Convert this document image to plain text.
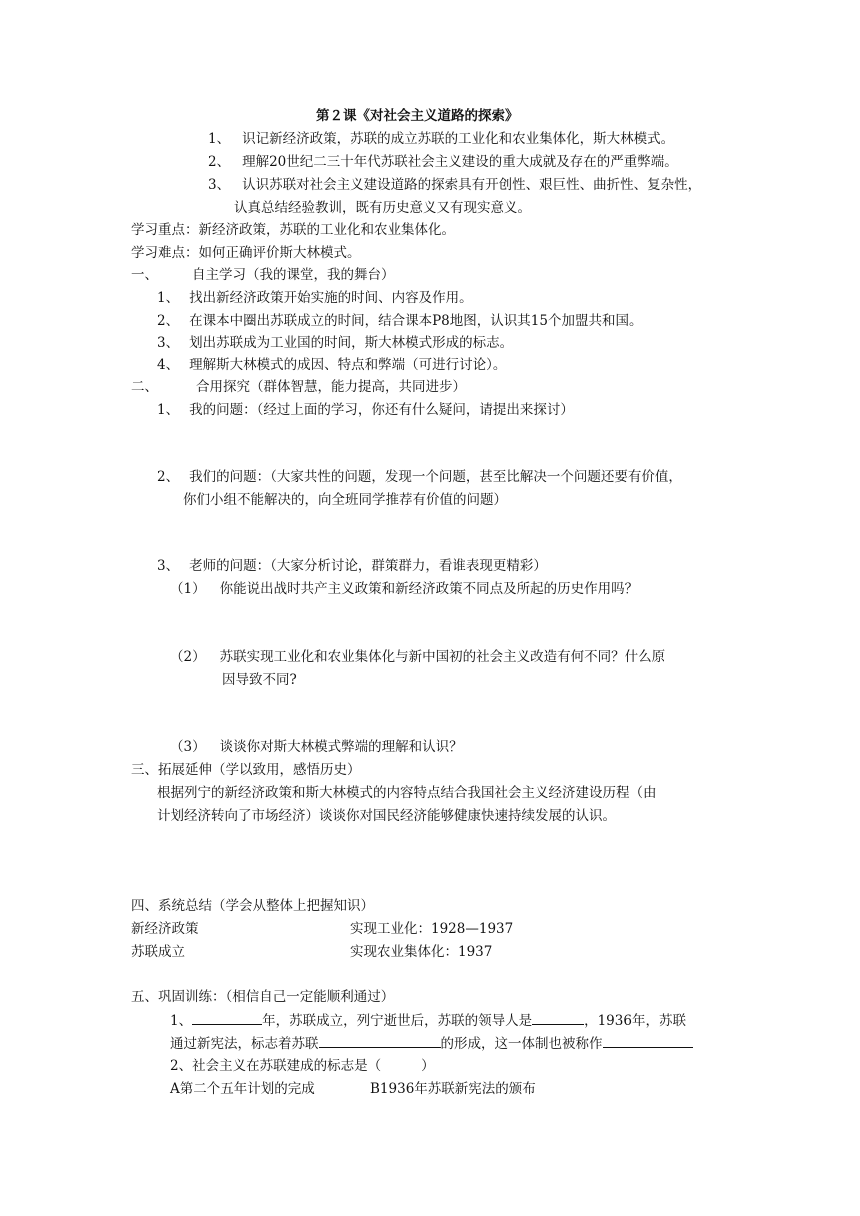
第２课《对社会主义道路的探索》
1、 识记新经济政策，苏联的成立苏联的工业化和农业集体化，斯大林模式。
2、 理解20世纪二三十年代苏联社会主义建设的重大成就及存在的严重弊端。
3、 认识苏联对社会主义建设道路的探索具有开创性、艰巨性、曲折性、复杂性，
认真总结经验教训，既有历史意义又有现实意义。
学习重点：新经济政策，苏联的工业化和农业集体化。
学习难点：如何正确评价斯大林模式。
一、	自主学习（我的课堂，我的舞台）
1、 找出新经济政策开始实施的时间、内容及作用。
2、 在课本中圈出苏联成立的时间，结合课本P8地图，认识其15个加盟共和国。
3、 划出苏联成为工业国的时间，斯大林模式形成的标志。
4、 理解斯大林模式的成因、特点和弊端（可进行讨论）。
二、	合用探究（群体智慧，能力提高，共同进步）
1、 我的问题：（经过上面的学习，你还有什么疑问，请提出来探讨）
2、 我们的问题：（大家共性的问题，发现一个问题，甚至比解决一个问题还要有价值，
你们小组不能解决的，向全班同学推荐有价值的问题）
3、 老师的问题：（大家分析讨论，群策群力，看谁表现更精彩）
（1） 你能说出战时共产主义政策和新经济政策不同点及所起的历史作用吗？
（2） 苏联实现工业化和农业集体化与新中国初的社会主义改造有何不同？什么原
因导致不同?
（3） 谈谈你对斯大林模式弊端的理解和认识？
三、拓展延伸（学以致用，感悟历史）
根据列宁的新经济政策和斯大林模式的内容特点结合我国社会主义经济建设历程（由
计划经济转向了市场经济）谈谈你对国民经济能够健康快速持续发展的认识。
四、系统总结（学会从整体上把握知识）
新经济政策	实现工业化：1928—1937
苏联成立	实现农业集体化：1937
五、巩固训练：（相信自己一定能顺利通过）
1、	年，苏联成立，列宁逝世后，苏联的领导人是	，1936年，苏联
通过新宪法，标志着苏联	的形成，这一体制也被称作
2、社会主义在苏联建成的标志是（	）
A第二个五年计划的完成	B1936年苏联新宪法的颁布
